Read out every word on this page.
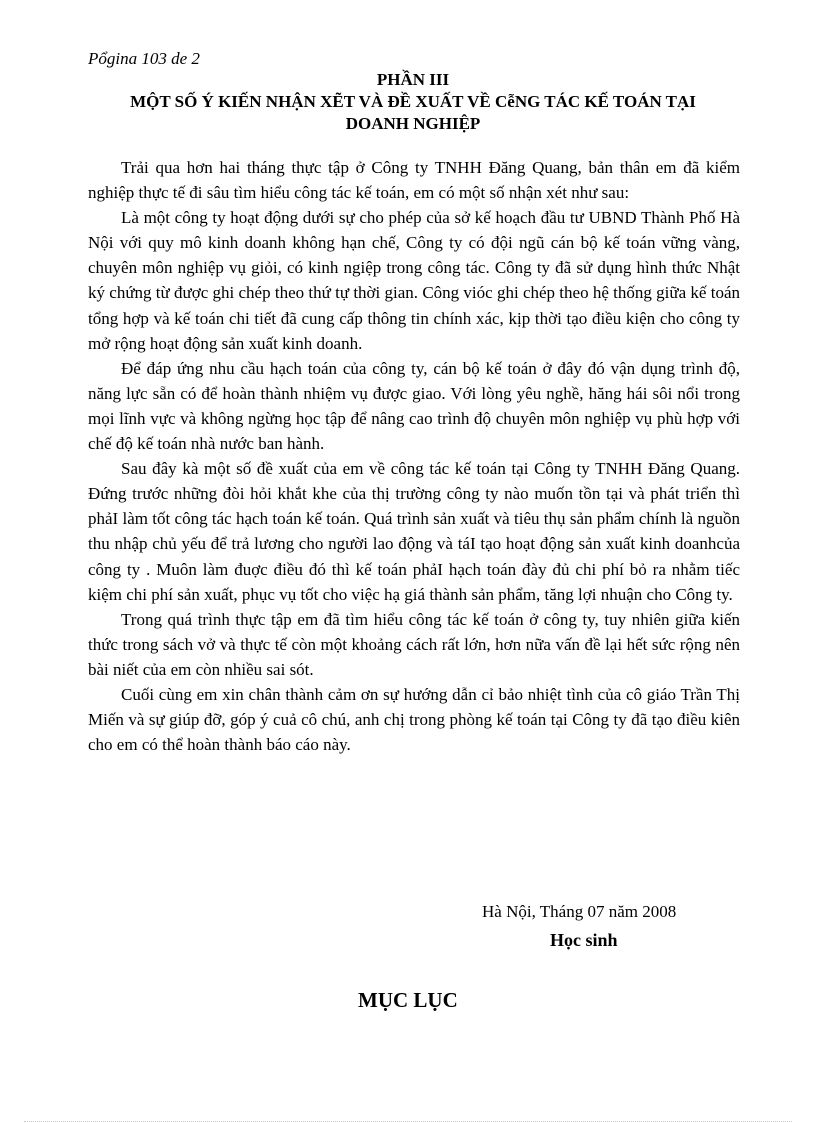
Pổgina 103 de 2
PHẦN III
MỘT SỐ Ý KIẾN NHẬN XẼT VÀ ĐỀ XUẤT VỀ CễNG TÁC KẾ TOÁN TẠI
DOANH NGHIỆP

Trải qua hơn hai tháng thực tập ở Công ty TNHH Đăng Quang, bản thân em đã kiểm nghiệp thực tế đi sâu tìm hiểu công tác kế toán, em có một số nhận xét như sau:

Là một công ty hoạt động dưới sự cho phép của sở kế hoạch đầu tư UBND Thành Phố Hà Nội với quy mô kinh doanh không hạn chế, Công ty có đội ngũ cán bộ kế toán vững vàng, chuyên môn nghiệp vụ giỏi, có kinh ngiệp trong công tác. Công ty đã sử dụng hình thức Nhật ký chứng từ được ghi chép theo thứ tự thời gian. Công vióc ghi chép theo hệ thống giữa kế toán tổng hợp và kế toán chi tiết đã cung cấp thông tin chính xác, kịp thời tạo điều kiện cho công ty mở rộng hoạt động sản xuất kinh doanh.

Để đáp ứng nhu cầu hạch toán của công ty, cán bộ kế toán ở đây đó vận dụng trình độ, năng lực sẵn có để hoàn thành nhiệm vụ được giao. Với lòng yêu nghề, hăng hái sôi nổi trong mọi lĩnh vực và không ngừng học tập để nâng cao trình độ chuyên môn nghiệp vụ phù hợp với chế độ kế toán nhà nước ban hành.

Sau đây kà một số đề xuất của em về công tác kế toán tại Công ty TNHH Đăng Quang. Đứng trước những đòi hỏi khắt khe của thị trường công ty nào muốn tồn tại và phát triển thì phảI làm tốt công tác hạch toán kế toán. Quá trình sản xuất và tiêu thụ sản phẩm chính là nguồn thu nhập chủ yếu để trả lương cho người lao động và táI tạo hoạt động sản xuất kinh doanhcủa công ty . Muôn làm đuợc điều đó thì kế toán phảI hạch toán đày đủ chi phí bỏ ra nhằm tiếc kiệm chi phí sản xuất, phục vụ tốt cho việc hạ giá thành sản phẩm, tăng lợi nhuận cho Công ty.

Trong quá trình thực tập em đã tìm hiểu công tác kế toán ở công ty, tuy nhiên giữa kiến thức trong sách vở và thực tế còn một khoảng cách rất lớn, hơn nữa vấn đề lại hết sức rộng nên bài niết của em còn nhiều sai sót.

Cuối cùng em xin chân thành cảm ơn sự hướng dẫn cỉ bảo nhiệt tình của cô giáo Trần Thị Miến và sự giúp đỡ, góp ý cuả cô chú, anh chị trong phòng kế toán tại Công ty đã tạo điều kiên cho em có thể hoàn thành báo cáo này.

Hà Nội, Tháng 07 năm 2008
Học sinh
MỤC LỤC
